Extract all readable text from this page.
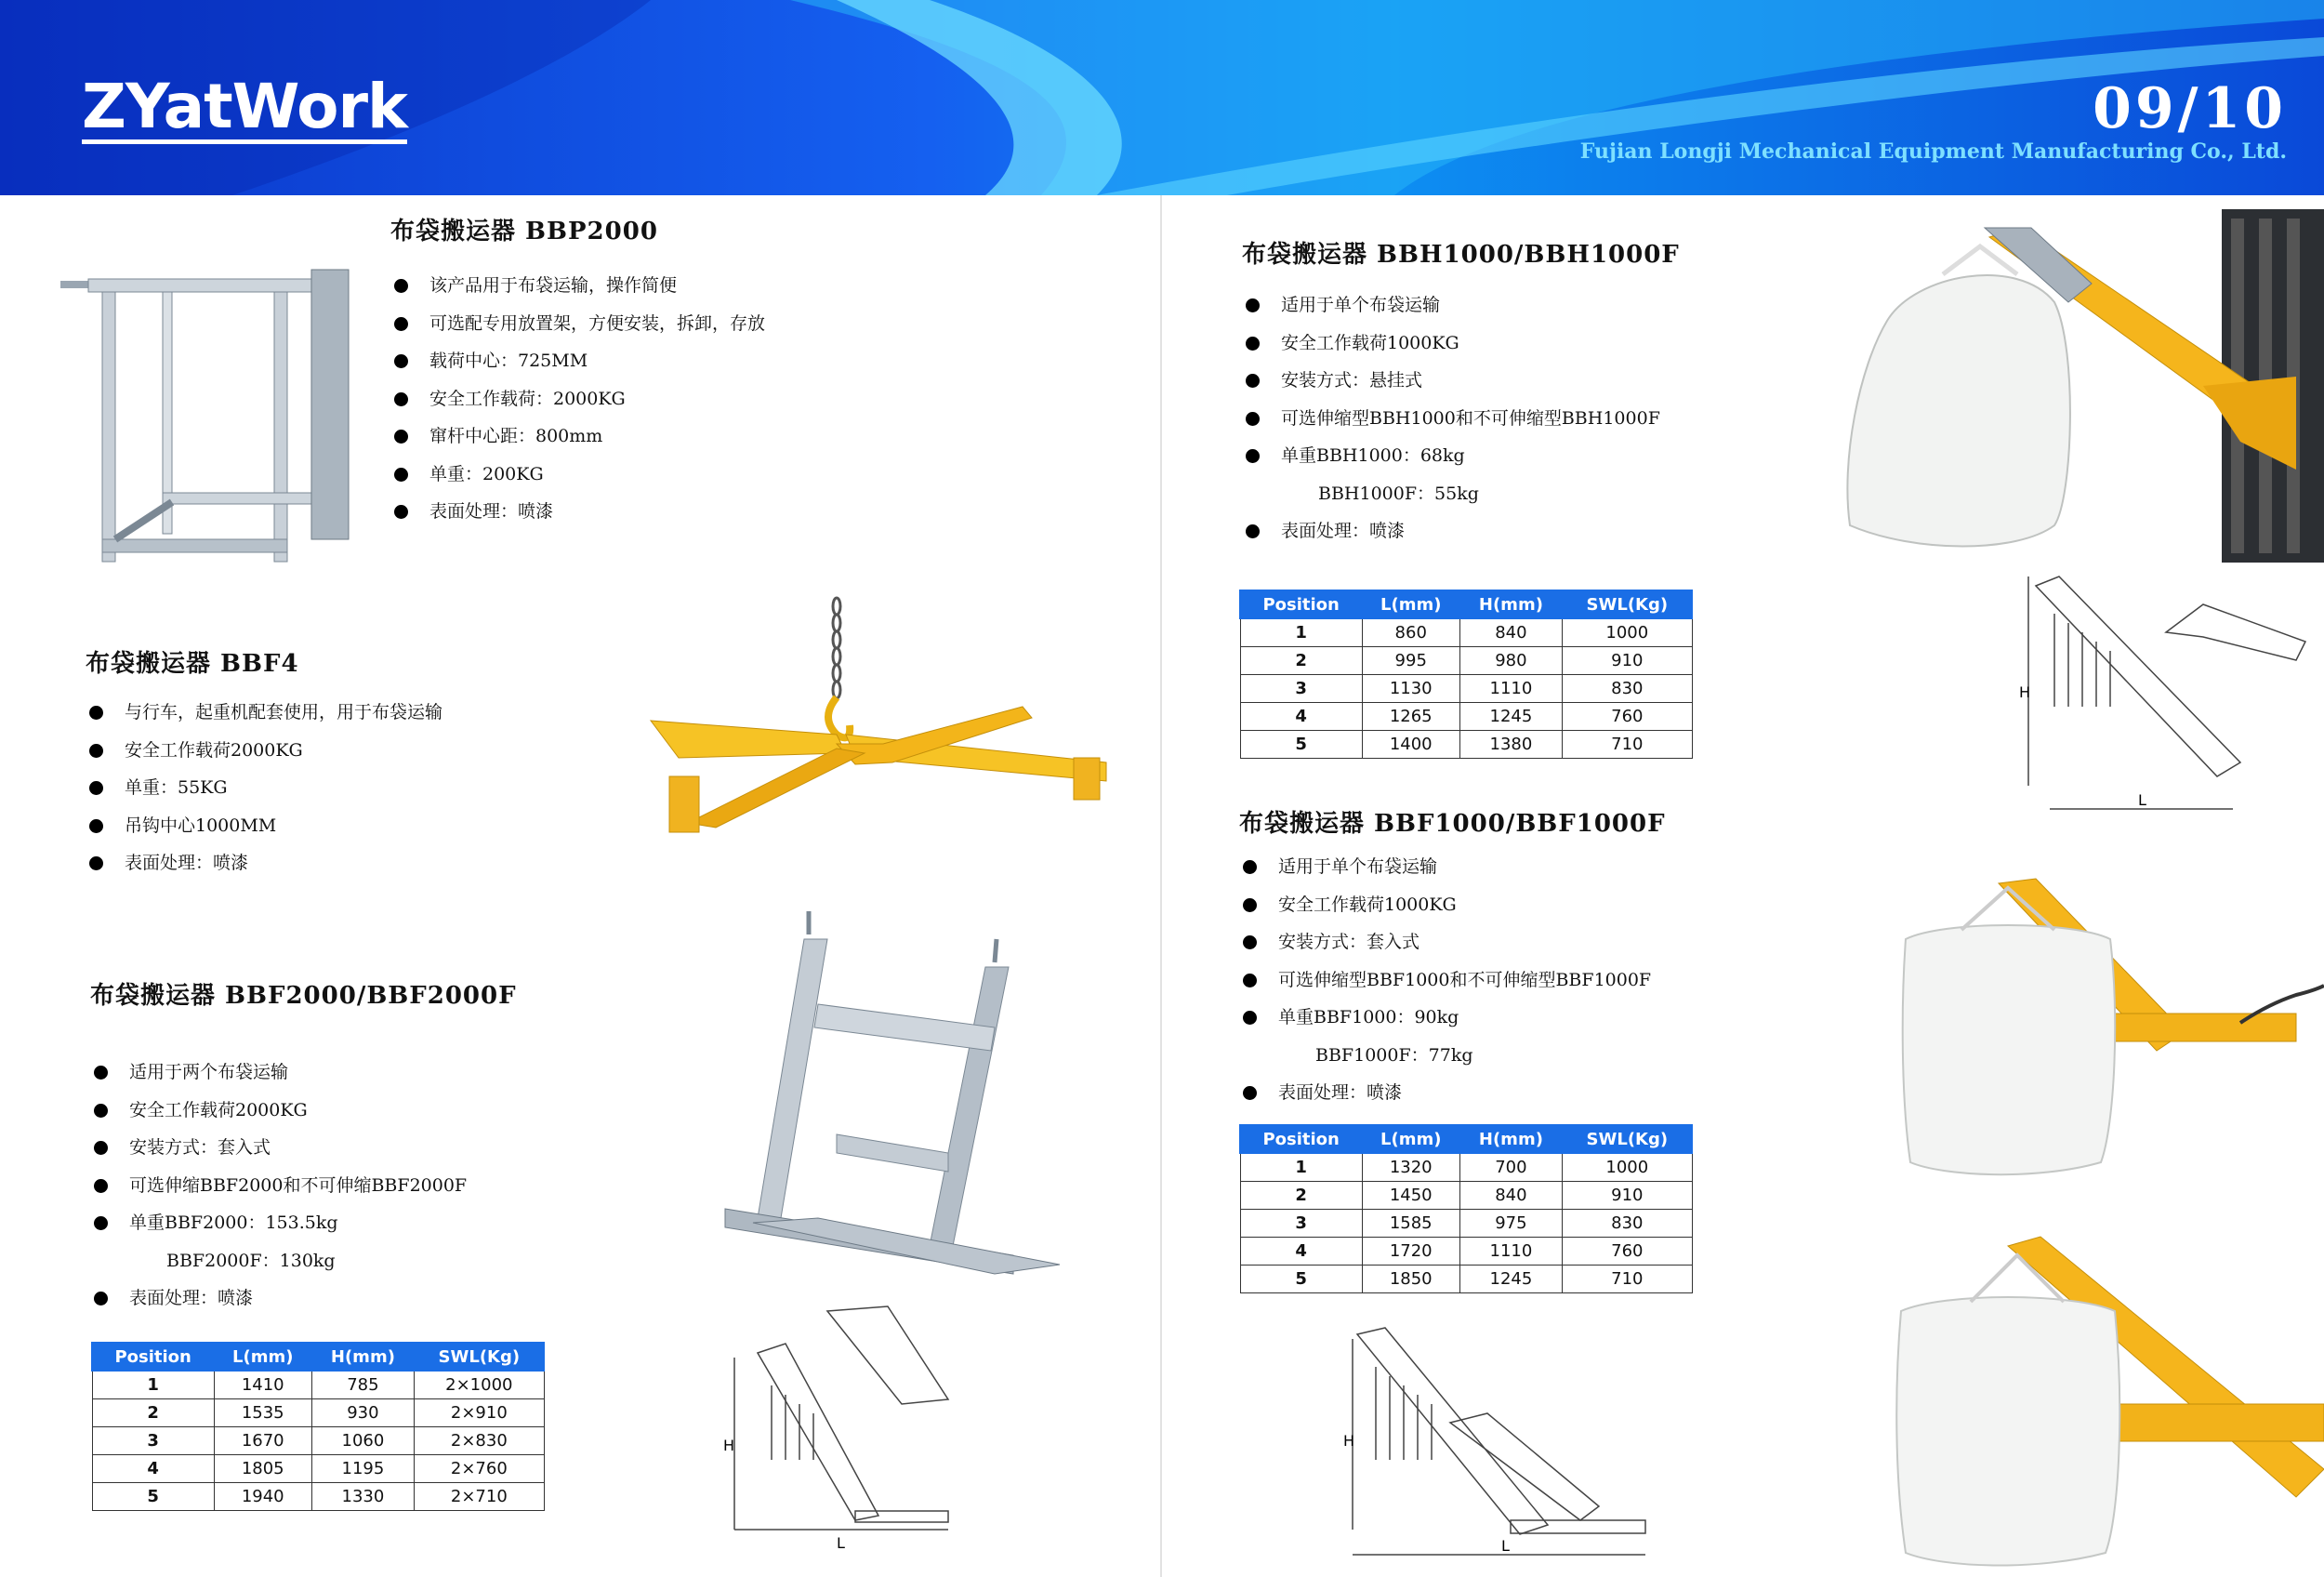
ZYatWork	09/10
Fujian Longji Mechanical Equipment Manufacturing Co., Ltd.
布袋搬运器 BBP2000
该产品用于布袋运输，操作简便
可选配专用放置架，方便安装，拆卸，存放
载荷中心：725MM
安全工作载荷：2000KG
窜杆中心距：800mm
单重：200KG
表面处理：喷漆
布袋搬运器 BBF4
与行车，起重机配套使用，用于布袋运输
安全工作载荷2000KG
单重：55KG
吊钩中心1000MM
表面处理：喷漆
布袋搬运器 BBF2000/BBF2000F
适用于两个布袋运输
安全工作载荷2000KG
安装方式：套入式
可选伸缩BBF2000和不可伸缩BBF2000F
单重BBF2000：153.5kg
BBF2000F：130kg
表面处理：喷漆
Position	L(mm)	H(mm)	SWL(Kg)
1	1410	785	2×1000
2	1535	930	2×910
3	1670	1060	2×830
4	1805	1195	2×760
5	1940	1330	2×710
H
L
布袋搬运器 BBH1000/BBH1000F
适用于单个布袋运输
安全工作载荷1000KG
安装方式：悬挂式
可选伸缩型BBH1000和不可伸缩型BBH1000F
单重BBH1000：68kg
BBH1000F：55kg
表面处理：喷漆
Position	L(mm)	H(mm)	SWL(Kg)
1	860	840	1000
2	995	980	910
3	1130	1110	830
4	1265	1245	760
5	1400	1380	710
H
L
布袋搬运器 BBF1000/BBF1000F
适用于单个布袋运输
安全工作载荷1000KG
安装方式：套入式
可选伸缩型BBF1000和不可伸缩型BBF1000F
单重BBF1000：90kg
BBF1000F：77kg
表面处理：喷漆
Position	L(mm)	H(mm)	SWL(Kg)
1	1320	700	1000
2	1450	840	910
3	1585	975	830
4	1720	1110	760
5	1850	1245	710
H
L
